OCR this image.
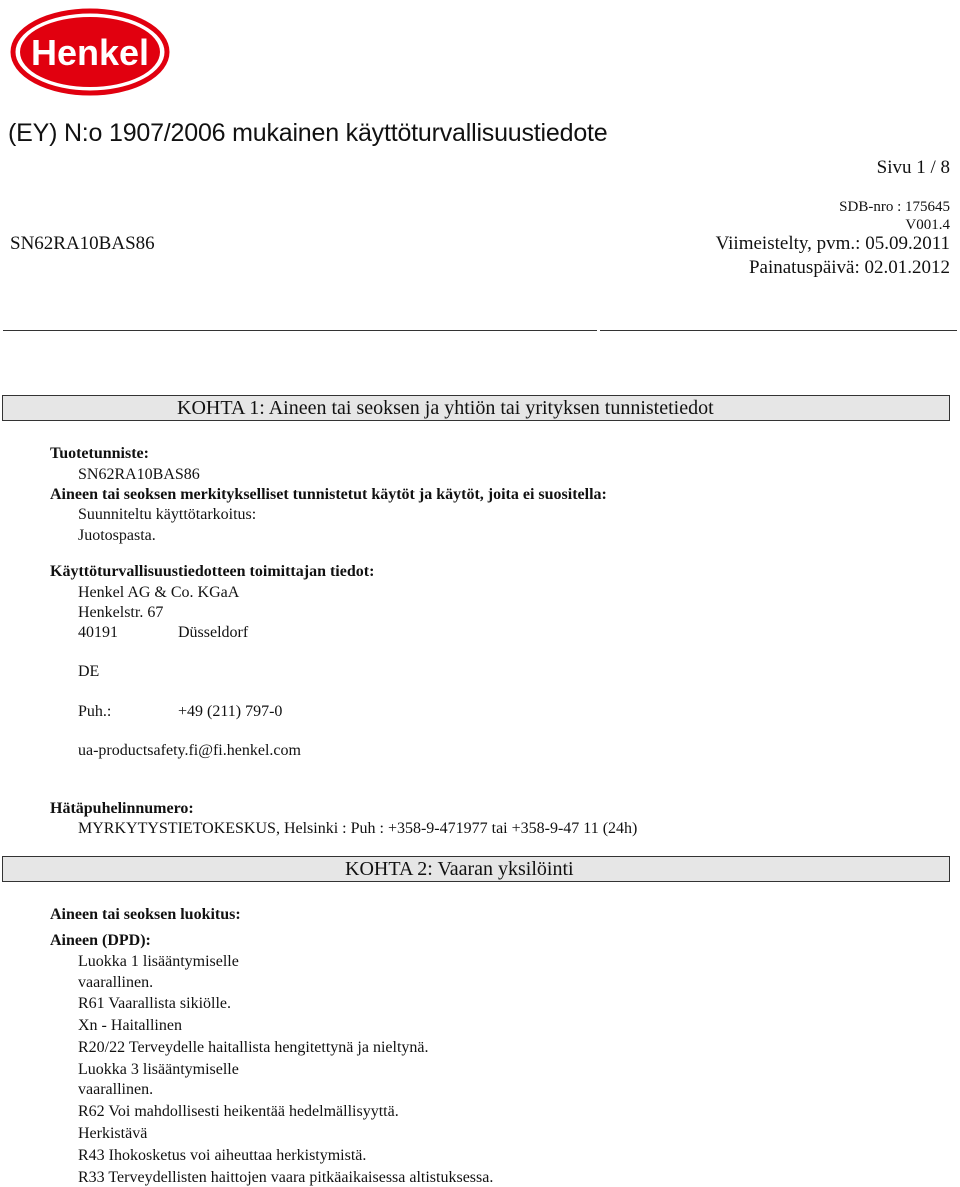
Henkel
(EY) N:o 1907/2006 mukainen käyttöturvallisuustiedote
Sivu 1 / 8
SDB-nro : 175645
V001.4
SN62RA10BAS86	Viimeistelty, pvm.: 05.09.2011
Painatuspäivä: 02.01.2012
KOHTA 1: Aineen tai seoksen ja yhtiön tai yrityksen tunnistetiedot
Tuotetunniste:
SN62RA10BAS86
Aineen tai seoksen merkitykselliset tunnistetut käytöt ja käytöt, joita ei suositella:
Suunniteltu käyttötarkoitus:
Juotospasta.
Käyttöturvallisuustiedotteen toimittajan tiedot:
Henkel AG & Co. KGaA
Henkelstr. 67
40191	Düsseldorf
DE
Puh.:	+49 (211) 797-0
ua-productsafety.fi@fi.henkel.com
Hätäpuhelinnumero:
MYRKYTYSTIETOKESKUS, Helsinki : Puh : +358-9-471977 tai +358-9-47 11 (24h)
KOHTA 2: Vaaran yksilöinti
Aineen tai seoksen luokitus:
Aineen (DPD):
Luokka 1 lisääntymiselle
vaarallinen.
R61 Vaarallista sikiölle.
Xn - Haitallinen
R20/22 Terveydelle haitallista hengitettynä ja nieltynä.
Luokka 3 lisääntymiselle
vaarallinen.
R62 Voi mahdollisesti heikentää hedelmällisyyttä.
Herkistävä
R43 Ihokosketus voi aiheuttaa herkistymistä.
R33 Terveydellisten haittojen vaara pitkäaikaisessa altistuksessa.
